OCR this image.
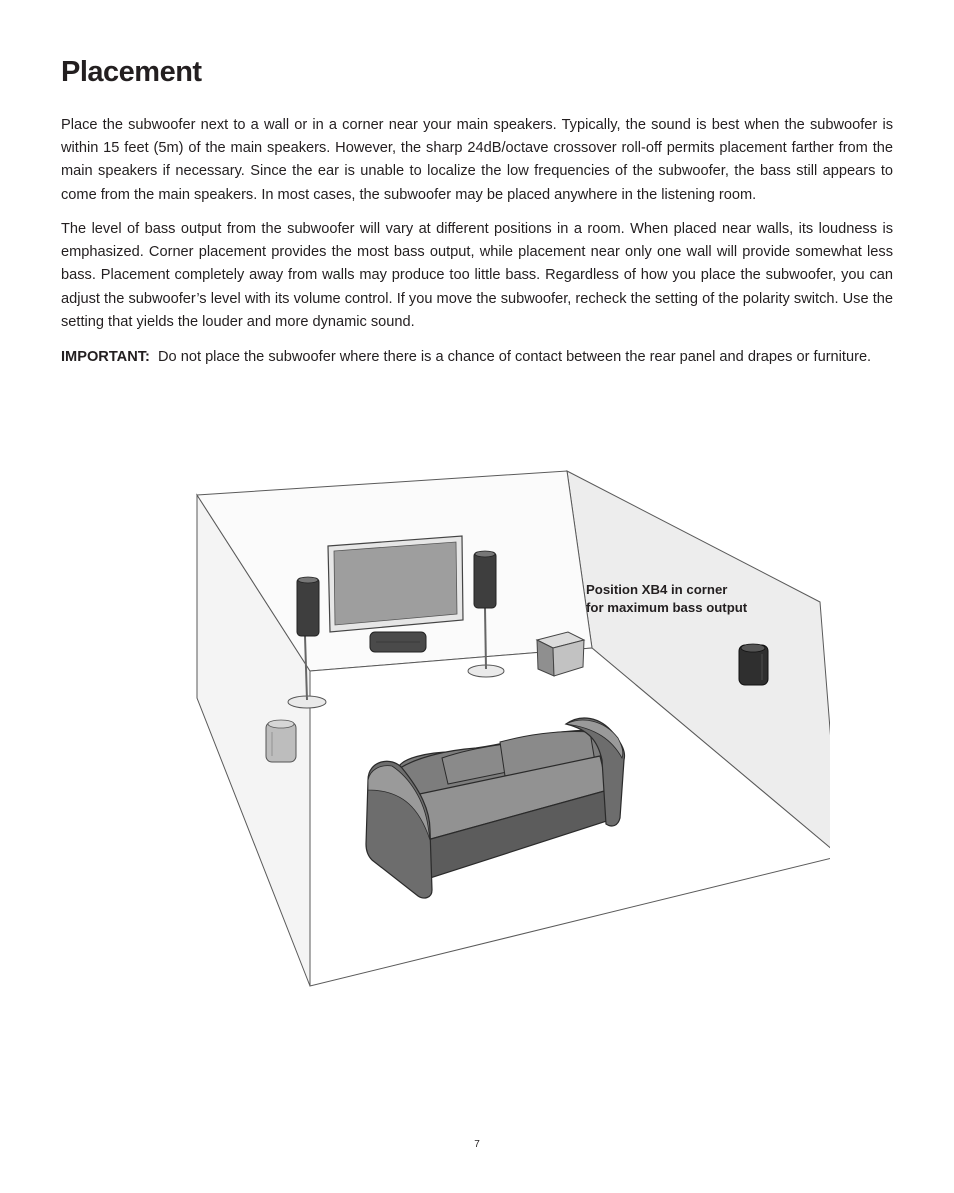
Placement

Place the subwoofer next to a wall or in a corner near your main speakers. Typically, the sound is best when the subwoofer is within 15 feet (5m) of the main speakers. However, the sharp 24dB/octave crossover roll-off permits placement farther from the main speakers if necessary. Since the ear is unable to localize the low frequencies of the subwoofer, the bass still appears to come from the main speakers. In most cases, the subwoofer may be placed anywhere in the listening room.

The level of bass output from the subwoofer will vary at different positions in a room. When placed near walls, its loudness is emphasized. Corner placement provides the most bass output, while placement near only one wall will provide somewhat less bass. Placement completely away from walls may produce too little bass. Regardless of how you place the subwoofer, you can adjust the subwoofer’s level with its volume control. If you move the subwoofer, recheck the setting of the polarity switch. Use the setting that yields the louder and more dynamic sound.

IMPORTANT: Do not place the subwoofer where there is a chance of contact between the rear panel and drapes or furniture.

Position XB4 in corner
for maximum bass output
7
